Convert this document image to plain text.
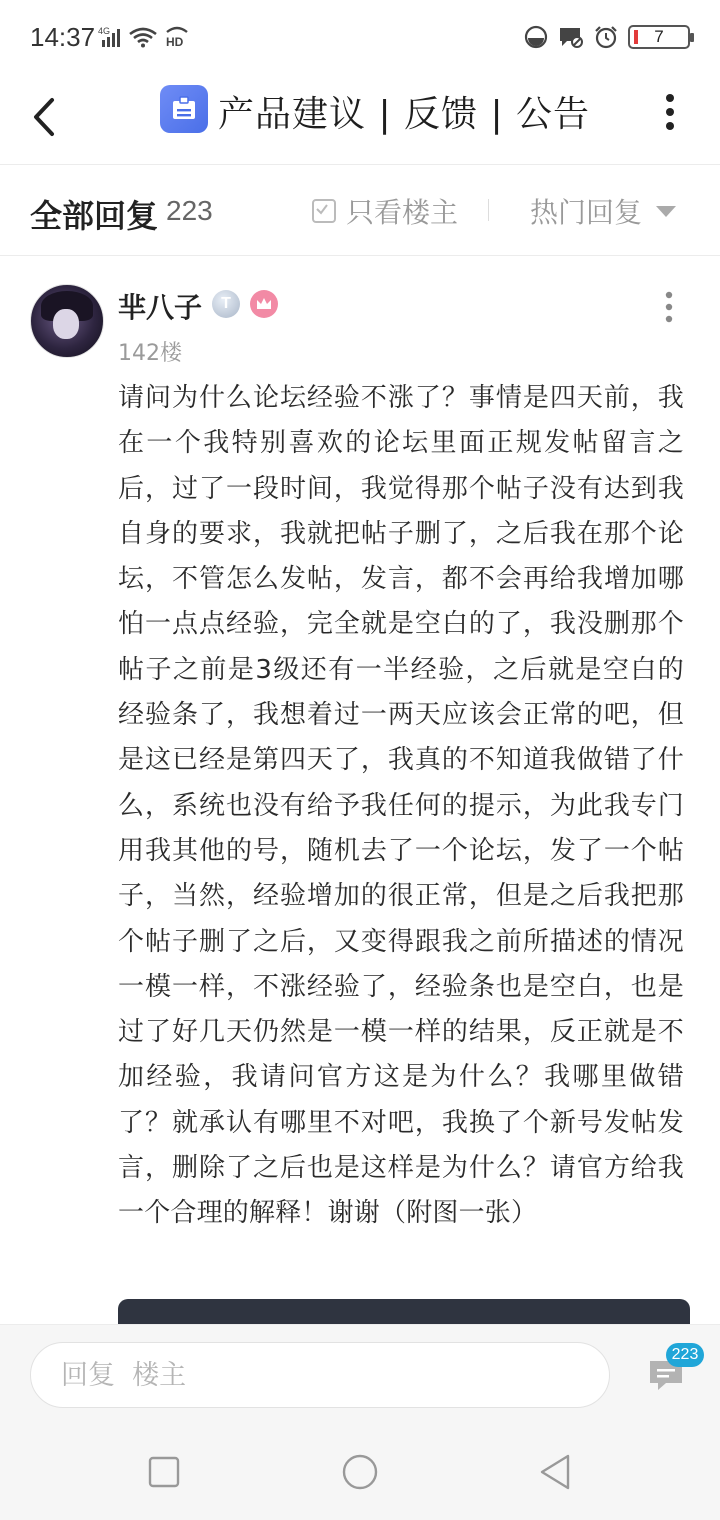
14:37 4G
HD	7
产品建议 | 反馈 | 公告
全部回复 223	只看楼主	热门回复
芈八子 T
142楼
请问为什么论坛经验不涨了？事情是四天前，我在一个我特别喜欢的论坛里面正规发帖留言之后，过了一段时间，我觉得那个帖子没有达到我自身的要求，我就把帖子删了，之后我在那个论坛，不管怎么发帖，发言，都不会再给我增加哪怕一点点经验，完全就是空白的了，我没删那个帖子之前是3级还有一半经验，之后就是空白的经验条了，我想着过一两天应该会正常的吧，但是这已经是第四天了，我真的不知道我做错了什么，系统也没有给予我任何的提示，为此我专门用我其他的号，随机去了一个论坛，发了一个帖子，当然，经验增加的很正常，但是之后我把那个帖子删了之后，又变得跟我之前所描述的情况一模一样，不涨经验了，经验条也是空白，也是过了好几天仍然是一模一样的结果，反正就是不加经验，我请问官方这是为什么？我哪里做错了？就承认有哪里不对吧，我换了个新号发帖发言，删除了之后也是这样是为什么？请官方给我一个合理的解释！谢谢（附图一张）
回复 楼主
223
